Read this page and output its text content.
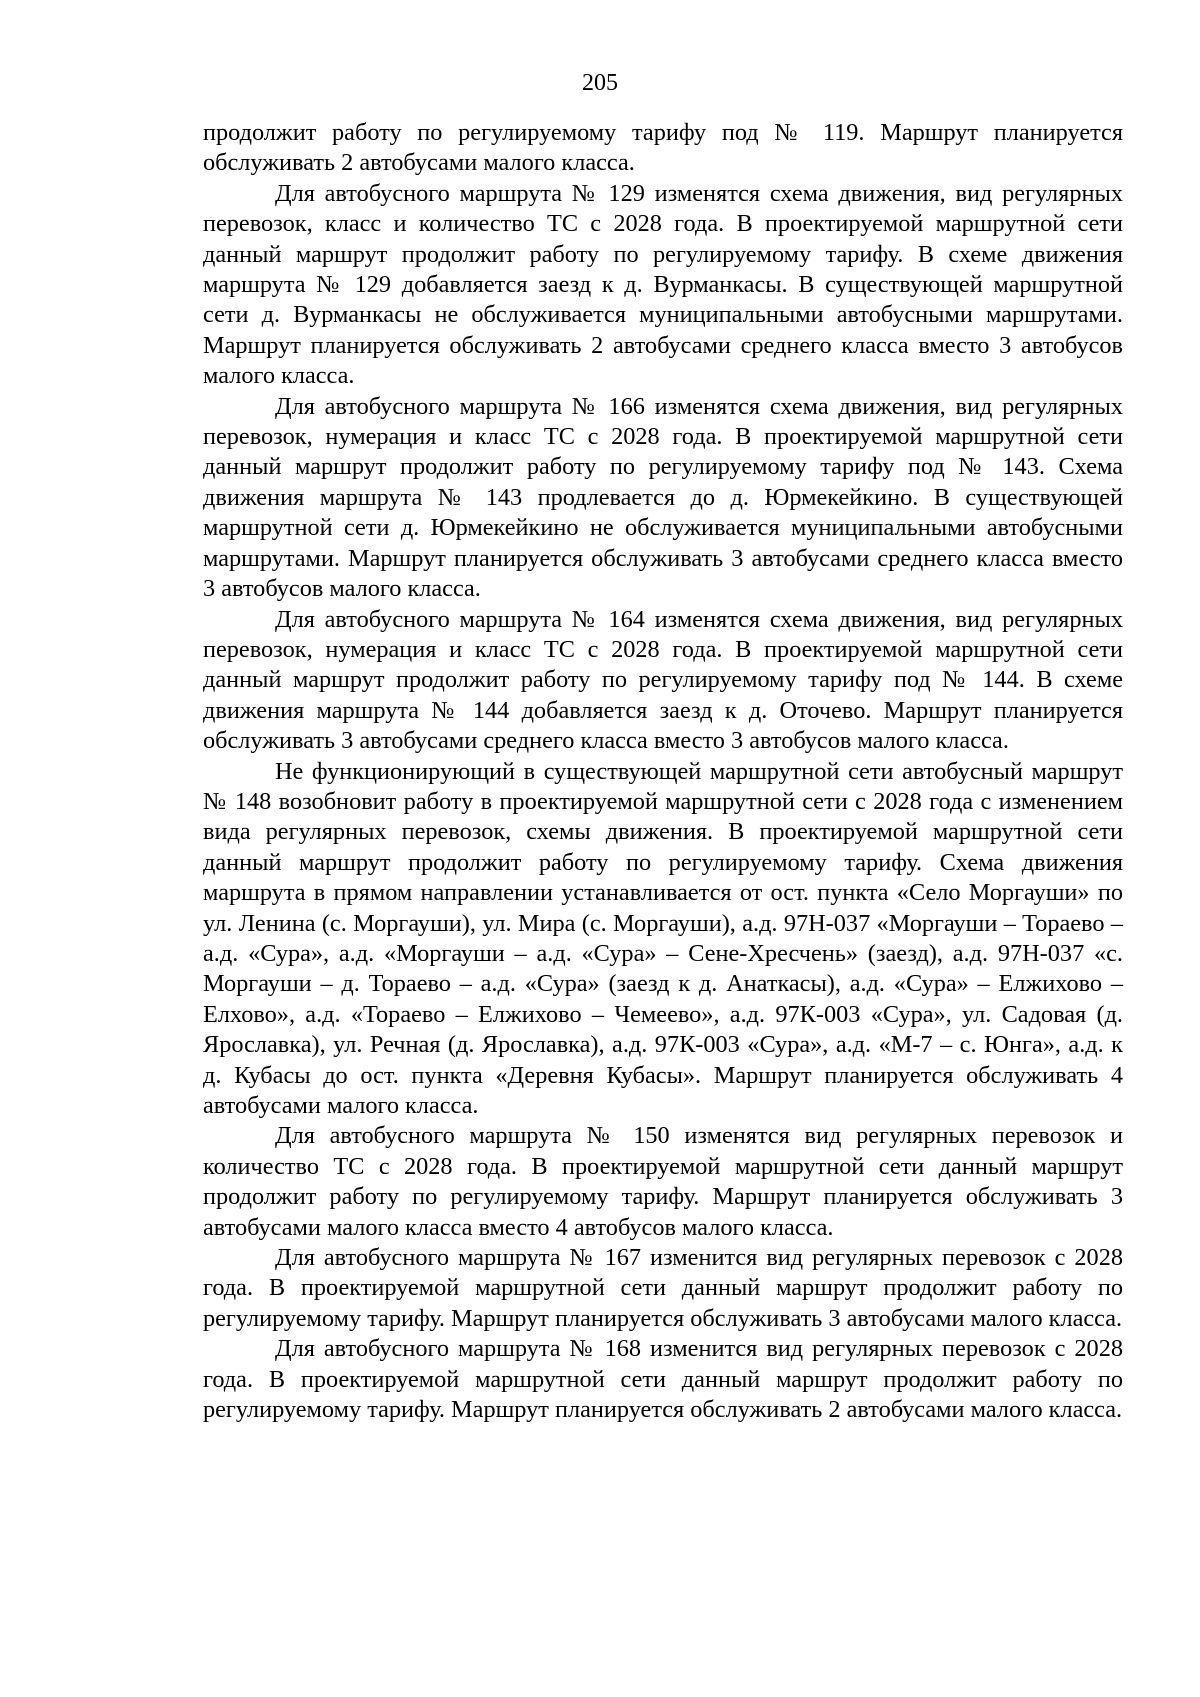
205

продолжит работу по регулируемому тарифу под № 119. Маршрут планируется обслуживать 2 автобусами малого класса.

Для автобусного маршрута № 129 изменятся схема движения, вид регулярных перевозок, класс и количество ТС с 2028 года. В проектируемой маршрутной сети данный маршрут продолжит работу по регулируемому тарифу. В схеме движения маршрута № 129 добавляется заезд к д. Вурманкасы. В существующей маршрутной сети д. Вурманкасы не обслуживается муниципальными автобусными маршрутами. Маршрут планируется обслуживать 2 автобусами среднего класса вместо 3 автобусов малого класса.

Для автобусного маршрута № 166 изменятся схема движения, вид регулярных перевозок, нумерация и класс ТС с 2028 года. В проектируемой маршрутной сети данный маршрут продолжит работу по регулируемому тарифу под № 143. Схема движения маршрута № 143 продлевается до д. Юрмекейкино. В существующей маршрутной сети д. Юрмекейкино не обслуживается муниципальными автобусными маршрутами. Маршрут планируется обслуживать 3 автобусами среднего класса вместо 3 автобусов малого класса.

Для автобусного маршрута № 164 изменятся схема движения, вид регулярных перевозок, нумерация и класс ТС с 2028 года. В проектируемой маршрутной сети данный маршрут продолжит работу по регулируемому тарифу под № 144. В схеме движения маршрута № 144 добавляется заезд к д. Оточево. Маршрут планируется обслуживать 3 автобусами среднего класса вместо 3 автобусов малого класса.

Не функционирующий в существующей маршрутной сети автобусный маршрут № 148 возобновит работу в проектируемой маршрутной сети с 2028 года с изменением вида регулярных перевозок, схемы движения. В проектируемой маршрутной сети данный маршрут продолжит работу по регулируемому тарифу. Схема движения маршрута в прямом направлении устанавливается от ост. пункта «Село Моргауши» по ул. Ленина (с. Моргауши), ул. Мира (с. Моргауши), а.д. 97Н-037 «Моргауши – Тораево – а.д. «Сура», а.д. «Моргауши – а.д. «Сура» – Сене-Хресчень» (заезд), а.д. 97Н-037 «с. Моргауши – д. Тораево – а.д. «Сура» (заезд к д. Анаткасы), а.д. «Сура» – Елжихово – Елхово», а.д. «Тораево – Елжихово – Чемеево», а.д. 97К-003 «Сура», ул. Садовая (д. Ярославка), ул. Речная (д. Ярославка), а.д. 97К-003 «Сура», а.д. «М-7 – с. Юнга», а.д. к д. Кубасы до ост. пункта «Деревня Кубасы». Маршрут планируется обслуживать 4 автобусами малого класса.

Для автобусного маршрута № 150 изменятся вид регулярных перевозок и количество ТС с 2028 года. В проектируемой маршрутной сети данный маршрут продолжит работу по регулируемому тарифу. Маршрут планируется обслуживать 3 автобусами малого класса вместо 4 автобусов малого класса.

Для автобусного маршрута № 167 изменится вид регулярных перевозок с 2028 года. В проектируемой маршрутной сети данный маршрут продолжит работу по регулируемому тарифу. Маршрут планируется обслуживать 3 автобусами малого класса.

Для автобусного маршрута № 168 изменится вид регулярных перевозок с 2028 года. В проектируемой маршрутной сети данный маршрут продолжит работу по регулируемому тарифу. Маршрут планируется обслуживать 2 автобусами малого класса.
